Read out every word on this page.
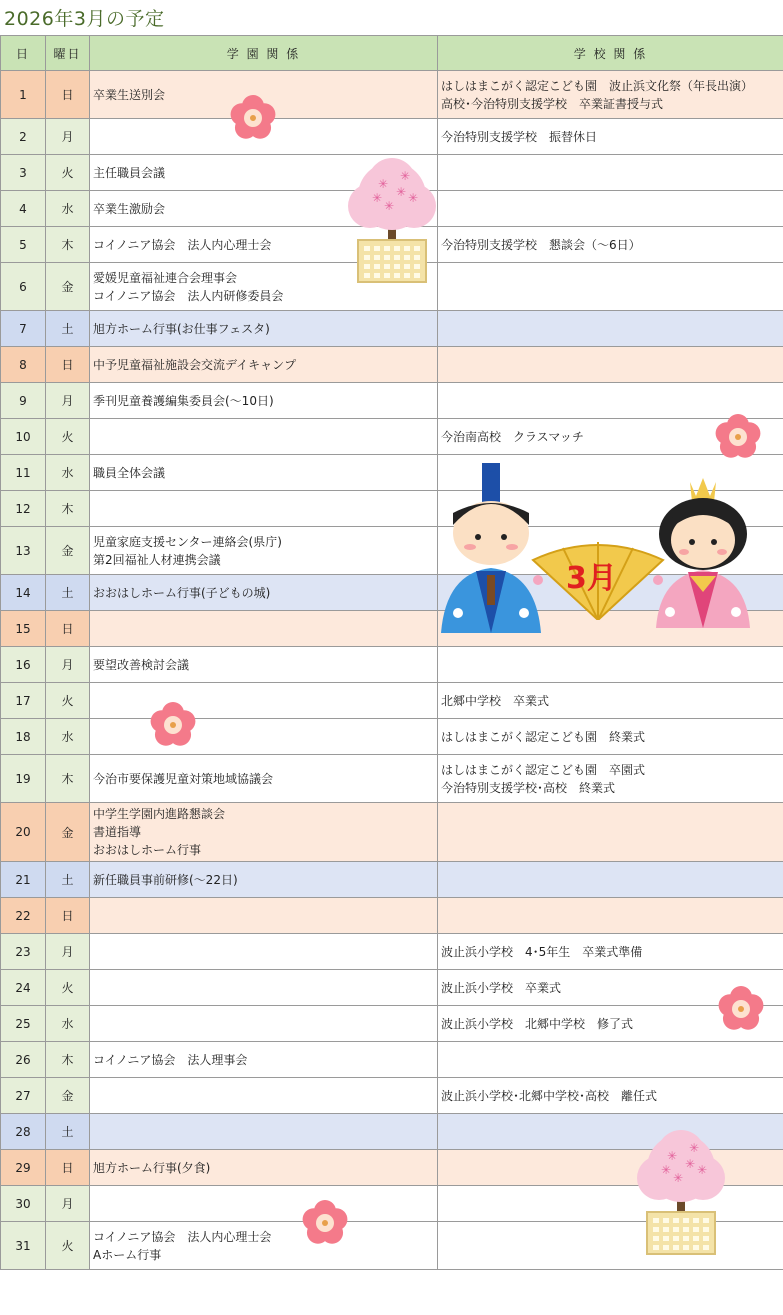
2026年3月の予定
日	曜日	学 園 関 係	学 校 関 係
1	日	卒業生送別会	はしはまこがく認定こども園　波止浜文化祭（年長出演）
高校･今治特別支援学校　卒業証書授与式
2	月		今治特別支援学校　振替休日
3	火	主任職員会議	
4	水	卒業生激励会	
5	木	コイノニア協会　法人内心理士会	今治特別支援学校　懇談会（～6日）
6	金	愛媛児童福祉連合会理事会
コイノニア協会　法人内研修委員会	
7	土	旭方ホーム行事(お仕事フェスタ)	
8	日	中予児童福祉施設会交流デイキャンプ	
9	月	季刊児童養護編集委員会(～10日)	
10	火		今治南高校　クラスマッチ
11	水	職員全体会議	
12	木		
13	金	児童家庭支援センター連絡会(県庁)
第2回福祉人材連携会議	
14	土	おおはしホーム行事(子どもの城)	
15	日		
16	月	要望改善検討会議	
17	火		北郷中学校　卒業式
18	水		はしはまこがく認定こども園　終業式
19	木	今治市要保護児童対策地域協議会	はしはまこがく認定こども園　卒園式
今治特別支援学校･高校　終業式
20	金	中学生学園内進路懇談会
書道指導
おおはしホーム行事	
21	土	新任職員事前研修(～22日)	
22	日		
23	月		波止浜小学校　4･5年生　卒業式準備
24	火		波止浜小学校　卒業式
25	水		波止浜小学校　北郷中学校　修了式
26	木	コイノニア協会　法人理事会	
27	金		波止浜小学校･北郷中学校･高校　離任式
28	土		
29	日	旭方ホーム行事(夕食)	
30	月		
31	火	コイノニア協会　法人内心理士会
Aホーム行事	
✳
✳
✳
✳
✳
✳
✳
✳
✳
✳
✳
✳
3月
